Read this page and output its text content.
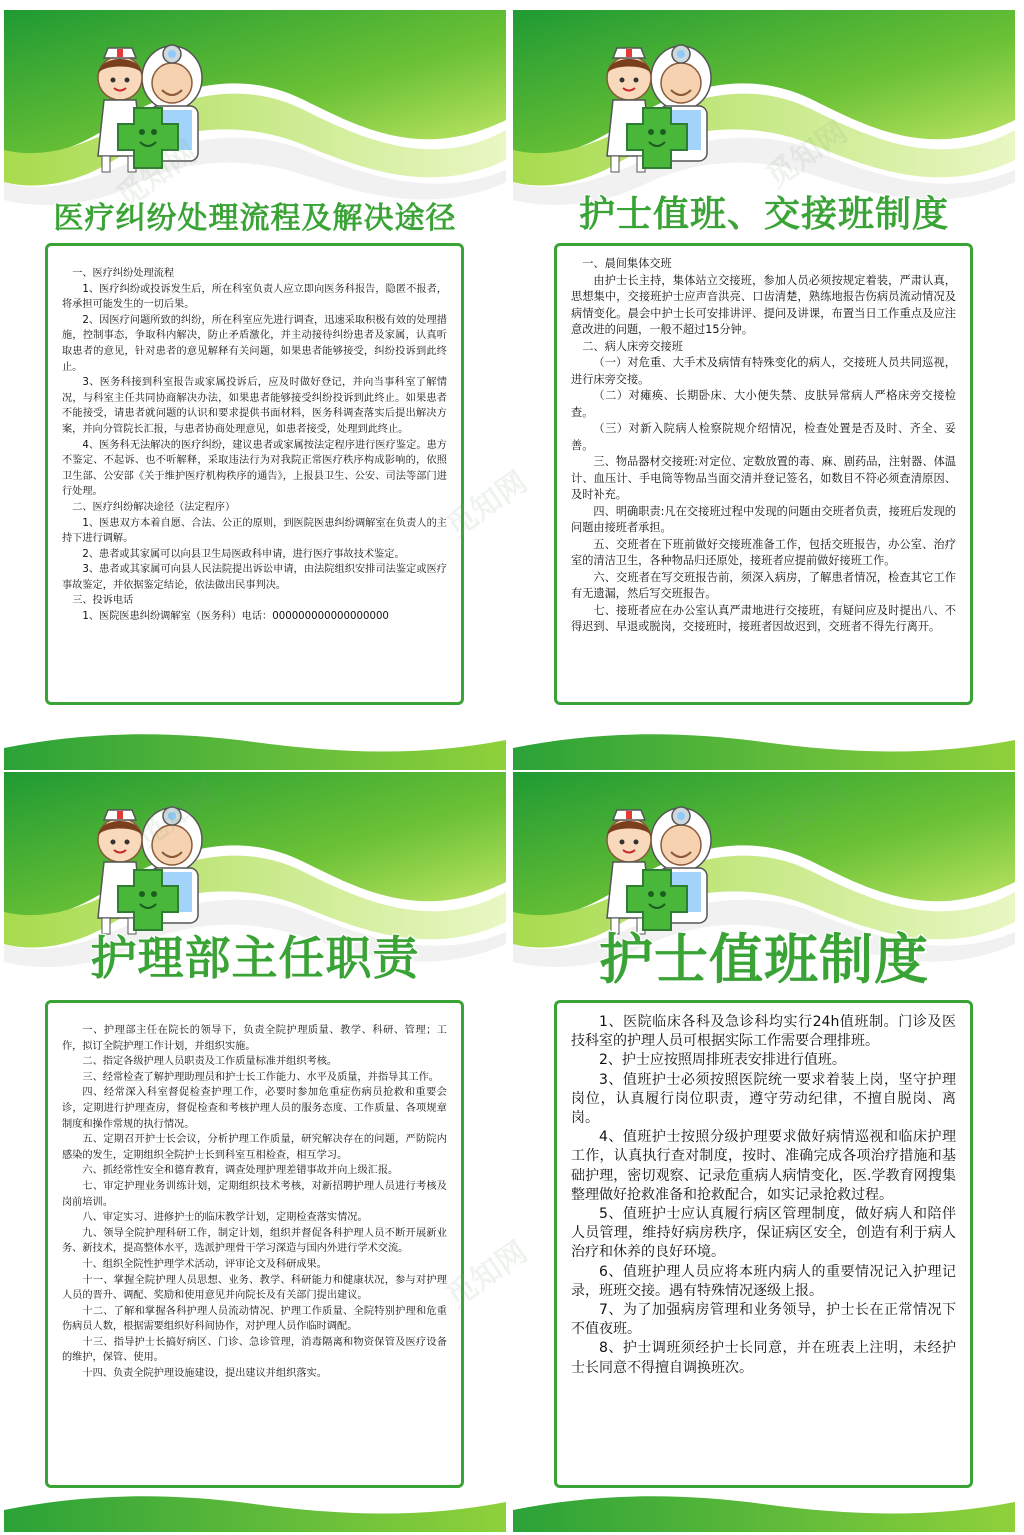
医疗纠纷处理流程及解决途径

一、医疗纠纷处理流程

1、医疗纠纷或投诉发生后，所在科室负责人应立即向医务科报告，隐匿不报者，将承担可能发生的一切后果。

2、因医疗问题所致的纠纷，所在科室应先进行调查，迅速采取积极有效的处理措施，控制事态，争取科内解决，防止矛盾激化，并主动接待纠纷患者及家属，认真听取患者的意见，针对患者的意见解释有关问题，如果患者能够接受，纠纷投诉到此终止。

3、医务科接到科室报告或家属投诉后，应及时做好登记，并向当事科室了解情况，与科室主任共同协商解决办法，如果患者能够接受纠纷投诉到此终止。如果患者不能接受，请患者就问题的认识和要求提供书面材料，医务科调查落实后提出解决方案，并向分管院长汇报，与患者协商处理意见，如患者接受，处理到此终止。

4、医务科无法解决的医疗纠纷，建议患者或家属按法定程序进行医疗鉴定。患方不鉴定、不起诉、也不听解释，采取违法行为对我院正常医疗秩序构成影响的，依照卫生部、公安部《关于维护医疗机构秩序的通告》，上报县卫生、公安、司法等部门进行处理。

二、医疗纠纷解决途径（法定程序）

1、医患双方本着自愿、合法、公正的原则，到医院医患纠纷调解室在负责人的主持下进行调解。

2、患者或其家属可以向县卫生局医政科申请，进行医疗事故技术鉴定。

3、患者或其家属可向县人民法院提出诉讼申请，由法院组织安排司法鉴定或医疗事故鉴定，并依据鉴定结论，依法做出民事判决。

三、投诉电话

1、医院医患纠纷调解室（医务科）电话：000000000000000000

护士值班、交接班制度

一、晨间集体交班

由护士长主持，集体站立交接班，参加人员必须按规定着装，严肃认真，思想集中，交接班护士应声音洪亮、口齿清楚，熟练地报告伤病员流动情况及病情变化。晨会中护士长可安排讲评、提问及讲课，布置当日工作重点及应注意改进的问题，一般不超过15分钟。

二、病人床旁交接班

（一）对危重、大手术及病情有特殊变化的病人，交接班人员共同巡视，进行床旁交接。

（二）对瘫痪、长期卧床、大小便失禁、皮肤异常病人严格床旁交接检查。

（三）对新入院病人检察院规介绍情况，检查处置是否及时、齐全、妥善。

三、物品器材交接班:对定位、定数放置的毒、麻、剧药品，注射器、体温计、血压计、手电筒等物品当面交清并登记签名，如数目不符必须查清原因、及时补充。

四、明确职责:凡在交接班过程中发现的问题由交班者负责，接班后发现的问题由接班者承担。

五、交班者在下班前做好交接班准备工作，包括交班报告，办公室、治疗室的清洁卫生，各种物品归还原处，接班者应提前做好接班工作。

六、交班者在写交班报告前，须深入病房，了解患者情况，检查其它工作有无遗漏，然后写交班报告。

七、接班者应在办公室认真严肃地进行交接班，有疑问应及时提出八、不得迟到、早退或脱岗，交接班时，接班者因故迟到，交班者不得先行离开。

护理部主任职责

一、护理部主任在院长的领导下，负责全院护理质量、教学、科研、管理；工作，拟订全院护理工作计划，并组织实施。

二、指定各级护理人员职责及工作质量标准并组织考核。

三、经常检查了解护理助理员和护士长工作能力、水平及质量，并指导其工作。

四、经常深入科室督促检查护理工作，必要时参加危重症伤病员抢救和重要会诊，定期进行护理查房，督促检查和考核护理人员的服务态度、工作质量、各项规章制度和操作常规的执行情况。

五、定期召开护士长会议，分析护理工作质量，研究解决存在的问题，严防院内感染的发生，定期组织全院护士长到科室互相检查，相互学习。

六、抓经常性安全和德育教育，调查处理护理差错事故并向上级汇报。

七、审定护理业务训练计划，定期组织技术考核，对新招聘护理人员进行考核及岗前培训。

八、审定实习、进修护士的临床教学计划，定期检查落实情况。

九、领导全院护理科研工作，制定计划，组织并督促各科护理人员不断开展新业务、新技术，提高整体水平，选派护理骨干学习深造与国内外进行学术交流。

十、组织全院性护理学术活动，评审论文及科研成果。

十一、掌握全院护理人员思想、业务、教学、科研能力和健康状况，参与对护理人员的晋升、调配、奖励和使用意见并向院长及有关部门提出建议。

十二、了解和掌握各科护理人员流动情况、护理工作质量、全院特别护理和危重伤病员人数，根据需要组织好科间协作，对护理人员作临时调配。

十三、指导护士长搞好病区、门诊、急诊管理，消毒隔离和物资保管及医疗设备的维护，保管、使用。

十四、负责全院护理设施建设，提出建议并组织落实。

护士值班制度

1、医院临床各科及急诊科均实行24h值班制。门诊及医技科室的护理人员可根据实际工作需要合理排班。

2、护士应按照周排班表安排进行值班。

3、值班护士必须按照医院统一要求着装上岗，坚守护理岗位，认真履行岗位职责，遵守劳动纪律，不擅自脱岗、离岗。

4、值班护士按照分级护理要求做好病情巡视和临床护理工作，认真执行查对制度，按时、准确完成各项治疗措施和基础护理，密切观察、记录危重病人病情变化，医.学教育网搜集整理做好抢救准备和抢救配合，如实记录抢救过程。

5、值班护士应认真履行病区管理制度，做好病人和陪伴人员管理，维持好病房秩序，保证病区安全，创造有利于病人治疗和休养的良好环境。

6、值班护理人员应将本班内病人的重要情况记入护理记录，班班交接。遇有特殊情况逐级上报。

7、为了加强病房管理和业务领导，护士长在正常情况下不值夜班。

8、护士调班须经护士长同意，并在班表上注明，未经护士长同意不得擅自调换班次。
